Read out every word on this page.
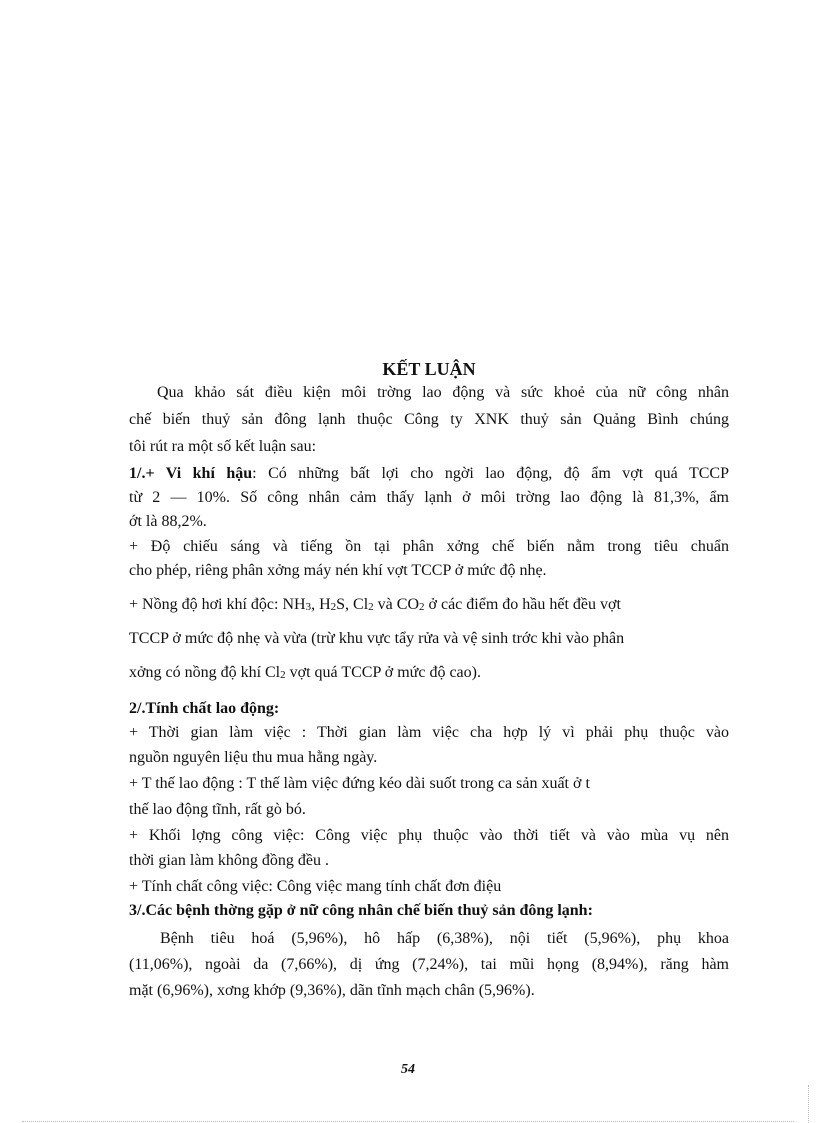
KẾT LUẬN
Qua khảo sát điều kiện môi trờng lao động và sức khoẻ của nữ công nhân
chế biến thuỷ sản đông lạnh thuộc Công ty XNK thuỷ sản Quảng Bình chúng
tôi rút ra một số kết luận sau:
1/.+ Vi khí hậu: Có những bất lợi cho ngời lao động, độ ẩm vợt quá TCCP
từ 2 — 10%. Số công nhân cảm thấy lạnh ở môi trờng lao động là 81,3%, ẩm
ớt là 88,2%.
+ Độ chiếu sáng và tiếng ồn tại phân xởng chế biến nằm trong tiêu chuẩn
cho phép, riêng phân xởng máy nén khí vợt TCCP ở mức độ nhẹ.
+ Nồng độ hơi khí độc: NH3, H2S, Cl2 và CO2 ở các điểm đo hầu hết đều vợt
TCCP ở mức độ nhẹ và vừa (trừ khu vực tẩy rửa và vệ sinh trớc khi vào phân
xởng có nồng độ khí Cl2 vợt quá TCCP ở mức độ cao).
2/.Tính chất lao động:
+ Thời gian làm việc : Thời gian làm việc cha hợp lý vì phải phụ thuộc vào
nguồn nguyên liệu thu mua hằng ngày.
+ T thế lao động : T thế làm việc đứng kéo dài suốt trong ca sản xuất ở t
thế lao động tĩnh, rất gò bó.
+ Khối lợng công việc: Công việc phụ thuộc vào thời tiết và vào mùa vụ nên
thời gian làm không đồng đều .
+ Tính chất công việc: Công việc mang tính chất đơn điệu
3/.Các bệnh thờng gặp ở nữ công nhân chế biến thuỷ sản đông lạnh:
Bệnh tiêu hoá (5,96%), hô hấp (6,38%), nội tiết (5,96%), phụ khoa
(11,06%), ngoài da (7,66%), dị ứng (7,24%), tai mũi họng (8,94%), răng hàm
mặt (6,96%), xơng khớp (9,36%), dãn tĩnh mạch chân (5,96%).
54
